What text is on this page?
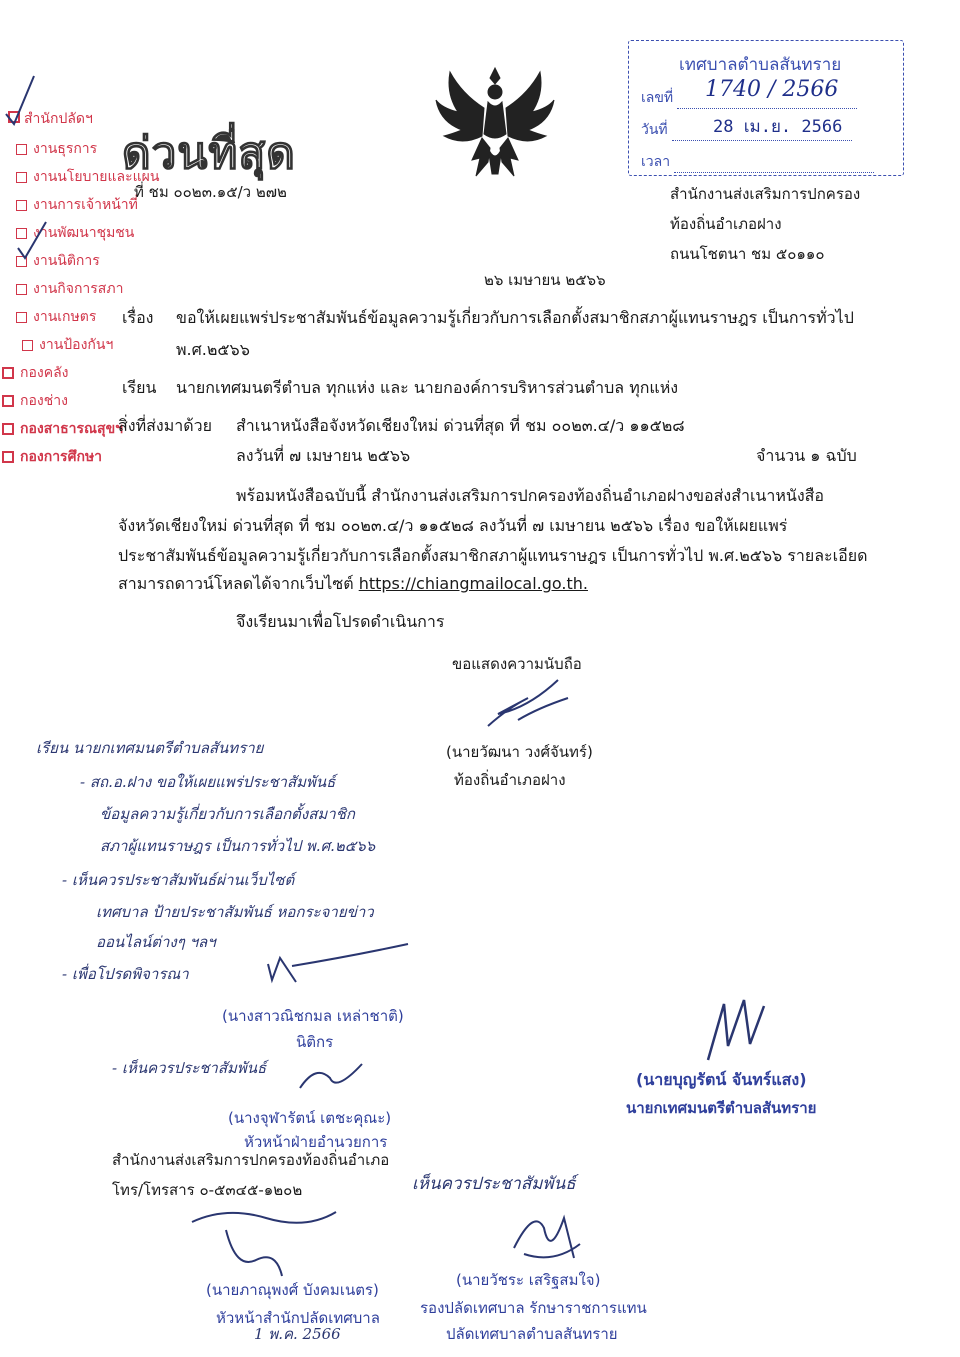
สำนักปลัดฯ
งานธุรการ
งานนโยบายและแผน
งานการเจ้าหน้าที่
งานพัฒนาชุมชน
งานนิติการ
งานกิจการสภา
งานเกษตร
งานป้องกันฯ
กองคลัง
กองช่าง
กองสาธารณสุขฯ
กองการศึกษา
ด่วนที่สุด
เทศบาลตำบลสันทราย
เลขที่	1740 / 2566
วันที่	28 เม.ย. 2566
เวลา
ที่ ชม ๐๐๒๓.๑๕/ว ๒๗๒	สำนักงานส่งเสริมการปกครอง
ท้องถิ่นอำเภอฝาง
ถนนโชตนา ชม ๕๐๑๑๐
๒๖ เมษายน ๒๕๖๖
เรื่อง ขอให้เผยแพร่ประชาสัมพันธ์ข้อมูลความรู้เกี่ยวกับการเลือกตั้งสมาชิกสภาผู้แทนราษฎร เป็นการทั่วไป
พ.ศ.๒๕๖๖
เรียน นายกเทศมนตรีตำบล ทุกแห่ง และ นายกองค์การบริหารส่วนตำบล ทุกแห่ง
สิ่งที่ส่งมาด้วย สำเนาหนังสือจังหวัดเชียงใหม่ ด่วนที่สุด ที่ ชม ๐๐๒๓.๔/ว ๑๑๕๒๘
ลงวันที่ ๗ เมษายน ๒๕๖๖	จำนวน ๑ ฉบับ
พร้อมหนังสือฉบับนี้ สำนักงานส่งเสริมการปกครองท้องถิ่นอำเภอฝางขอส่งสำเนาหนังสือ
จังหวัดเชียงใหม่ ด่วนที่สุด ที่ ชม ๐๐๒๓.๔/ว ๑๑๕๒๘ ลงวันที่ ๗ เมษายน ๒๕๖๖ เรื่อง ขอให้เผยแพร่
ประชาสัมพันธ์ข้อมูลความรู้เกี่ยวกับการเลือกตั้งสมาชิกสภาผู้แทนราษฎร เป็นการทั่วไป พ.ศ.๒๕๖๖ รายละเอียด
สามารถดาวน์โหลดได้จากเว็บไซต์ https://chiangmailocal.go.th.
จึงเรียนมาเพื่อโปรดดำเนินการ
ขอแสดงความนับถือ
(นายวัฒนา วงศ์จันทร์)
ท้องถิ่นอำเภอฝาง
เรียน นายกเทศมนตรีตำบลสันทราย
- สถ.อ.ฝาง ขอให้เผยแพร่ประชาสัมพันธ์
ข้อมูลความรู้เกี่ยวกับการเลือกตั้งสมาชิก
สภาผู้แทนราษฎร เป็นการทั่วไป พ.ศ.๒๕๖๖
- เห็นควรประชาสัมพันธ์ผ่านเว็บไซต์
เทศบาล ป้ายประชาสัมพันธ์ หอกระจายข่าว
ออนไลน์ต่างๆ ฯลฯ
- เพื่อโปรดพิจารณา
(นางสาวณิชกมล เหล่าชาติ)
นิติกร
- เห็นควรประชาสัมพันธ์
(นางจุฬารัตน์ เตชะคุณะ)
หัวหน้าฝ่ายอำนวยการ
(นายบุญรัตน์ จันทร์แสง)
นายกเทศมนตรีตำบลสันทราย
สำนักงานส่งเสริมการปกครองท้องถิ่นอำเภอ
โทร/โทรสาร ๐-๕๓๔๕-๑๒๐๒	เห็นควรประชาสัมพันธ์
(นายวัชระ เสริฐสมใจ)
รองปลัดเทศบาล รักษาราชการแทน
ปลัดเทศบาลตำบลสันทราย
(นายภาณุพงศ์ บังคมเนตร)
หัวหน้าสำนักปลัดเทศบาล
1 พ.ค. 2566
